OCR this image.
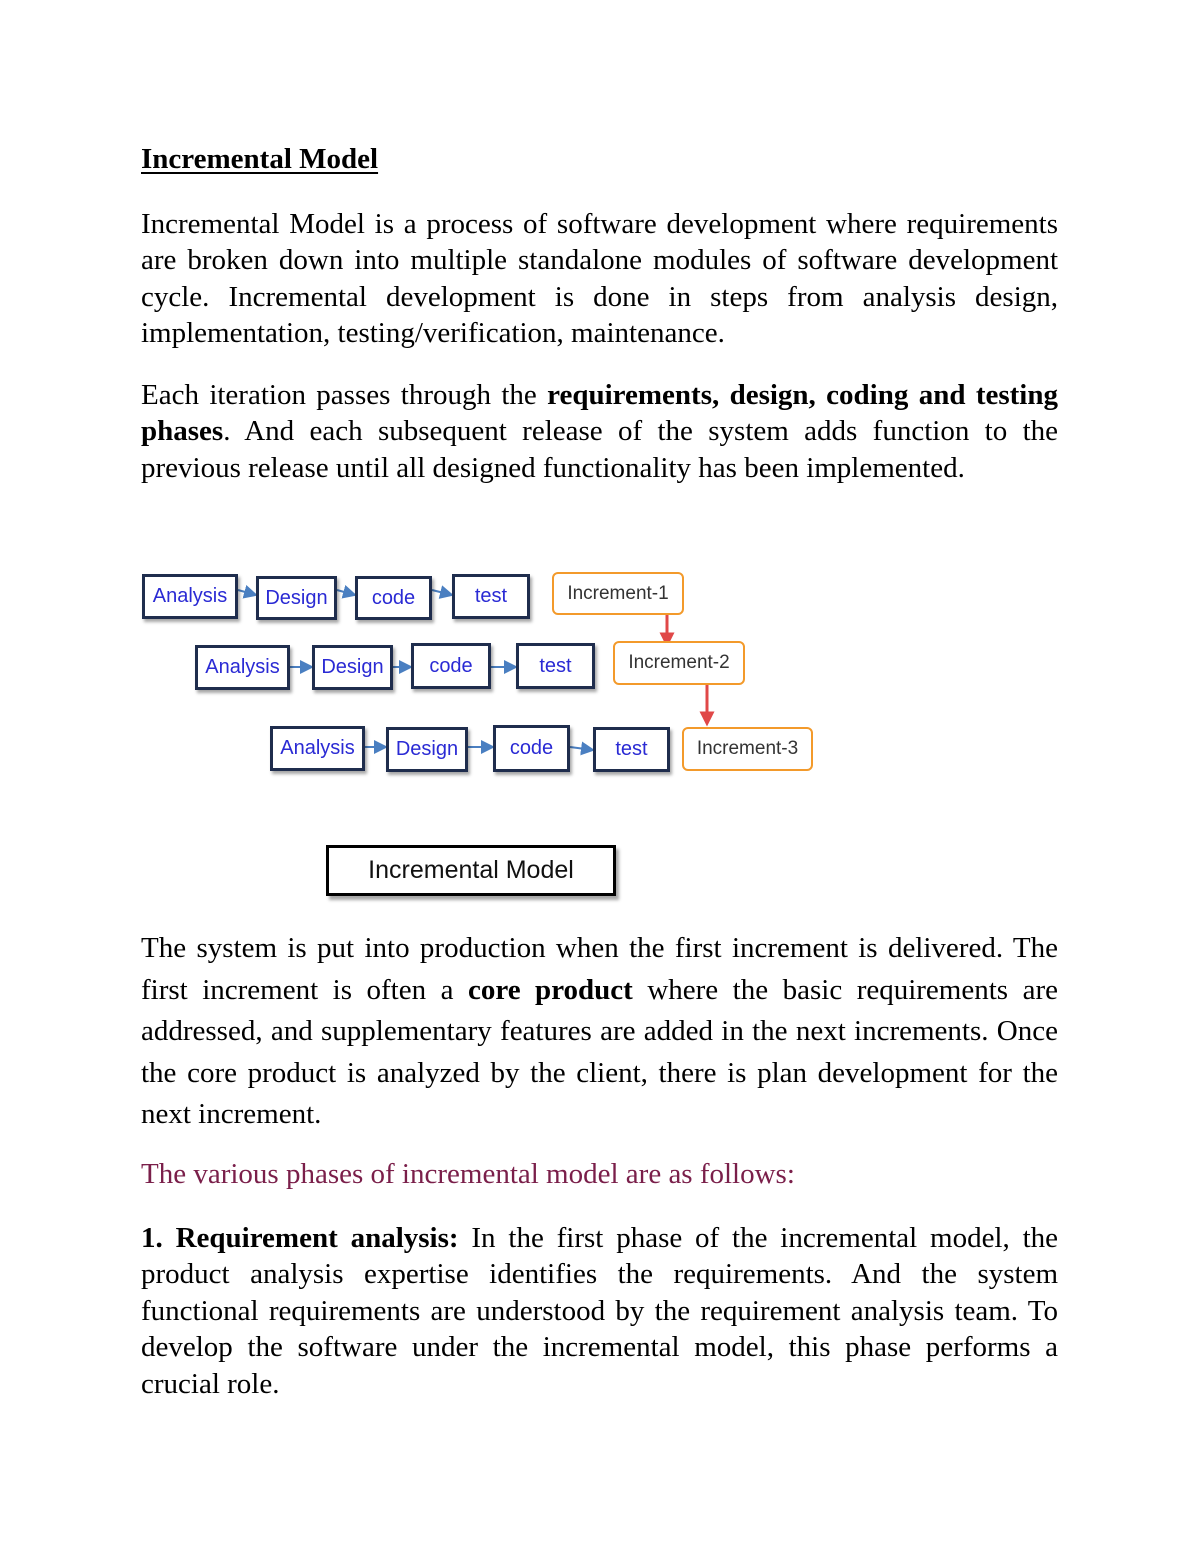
Incremental Model

Incremental Model is a process of software development where requirements are broken down into multiple standalone modules of software development cycle. Incremental development is done in steps from analysis design, implementation, testing/verification, maintenance.

Each iteration passes through the requirements, design, coding and testing phases. And each subsequent release of the system adds function to the previous release until all designed functionality has been implemented.

Analysis	Design	code	test	Increment-1
Analysis	Design	code	test	Increment-2
Analysis	Design	code	test	Increment-3
Incremental Model

The system is put into production when the first increment is delivered. The first increment is often a core product where the basic requirements are addressed, and supplementary features are added in the next increments. Once the core product is analyzed by the client, there is plan development for the next increment.

The various phases of incremental model are as follows:

1. Requirement analysis: In the first phase of the incremental model, the product analysis expertise identifies the requirements. And the system functional requirements are understood by the requirement analysis team. To develop the software under the incremental model, this phase performs a crucial role.
